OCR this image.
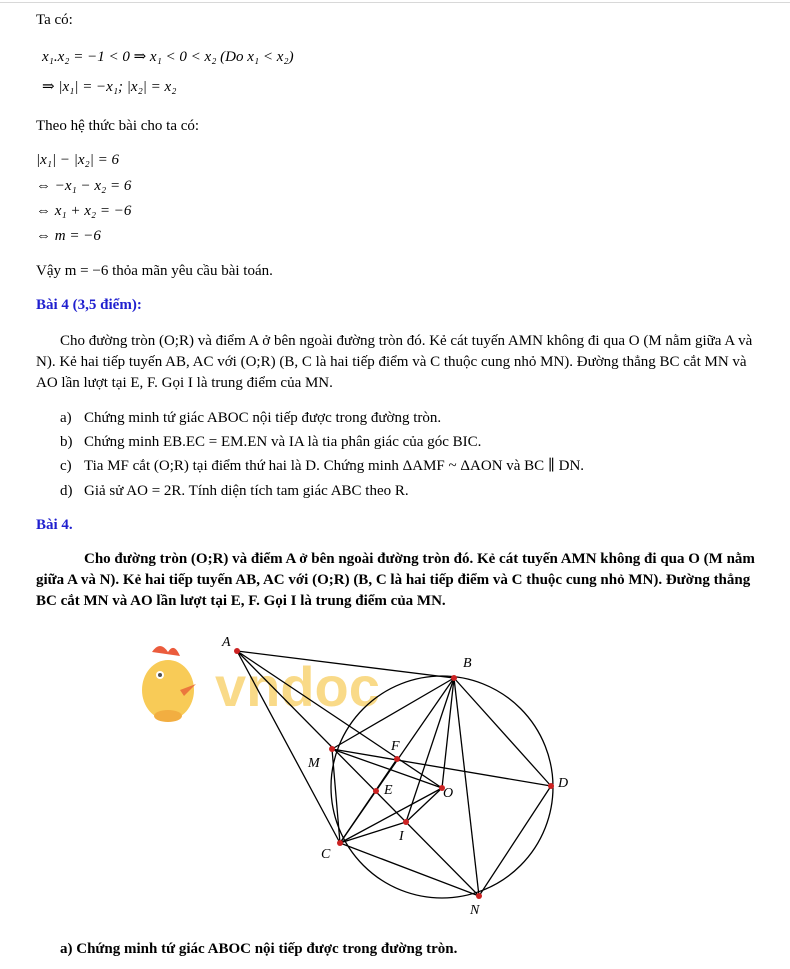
Ta có:
x₁.x₂ = −1 < 0 ⇒ x₁ < 0 < x₂ (Do x₁ < x₂)
⇒ |x₁| = −x₁; |x₂| = x₂
Theo hệ thức bài cho ta có:
|x₁| − |x₂| = 6
⇔ −x₁ − x₂ = 6
⇔ x₁ + x₂ = −6
⇔ m = −6
Vậy m = −6 thỏa mãn yêu cầu bài toán.
Bài 4 (3,5 điểm):
Cho đường tròn (O;R) và điểm A ở bên ngoài đường tròn đó. Kẻ cát tuyến AMN không đi qua O (M nằm giữa A và N). Kẻ hai tiếp tuyến AB, AC với (O;R) (B, C là hai tiếp điểm và C thuộc cung nhỏ MN). Đường thẳng BC cắt MN và AO lần lượt tại E, F. Gọi I là trung điểm của MN.
a) Chứng minh tứ giác ABOC nội tiếp được trong đường tròn.
b) Chứng minh EB.EC = EM.EN và IA là tia phân giác của góc BIC.
c) Tia MF cắt (O;R) tại điểm thứ hai là D. Chứng minh ΔAMF ~ ΔAON và BC ∥ DN.
d) Giả sử AO = 2R. Tính diện tích tam giác ABC theo R.
Bài 4.
Cho đường tròn (O;R) và điểm A ở bên ngoài đường tròn đó. Kẻ cát tuyến AMN không đi qua O (M nằm giữa A và N). Kẻ hai tiếp tuyến AB, AC với (O;R) (B, C là hai tiếp điểm và C thuộc cung nhỏ MN). Đường thẳng BC cắt MN và AO lần lượt tại E, F. Gọi I là trung điểm của MN.
vndoc
A
B
C
D
E
F
I
M
N
O
a) Chứng minh tứ giác ABOC nội tiếp được trong đường tròn.
